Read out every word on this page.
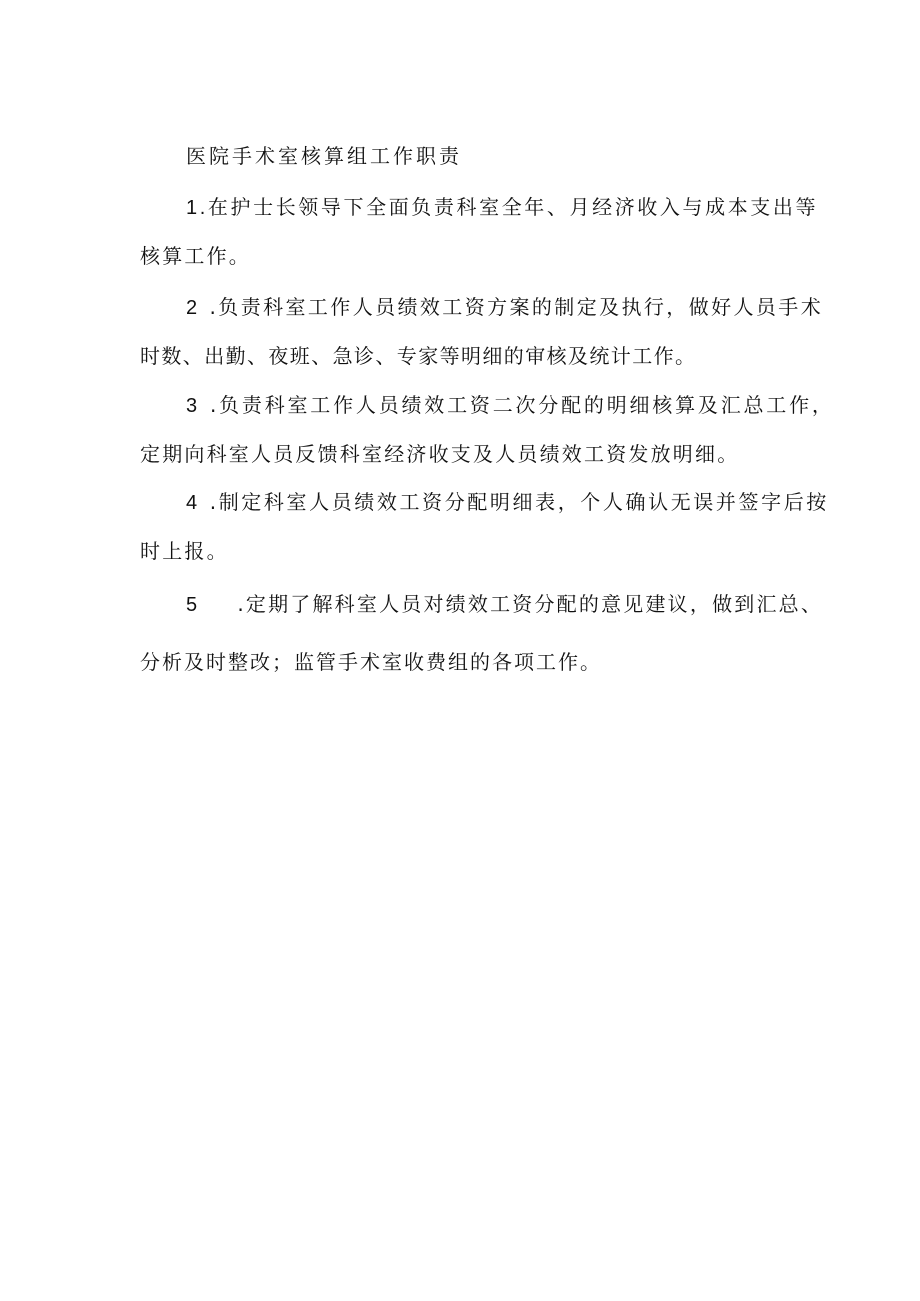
医院手术室核算组工作职责
1.在护士长领导下全面负责科室全年、月经济收入与成本支出等
核算工作。
2 .负责科室工作人员绩效工资方案的制定及执行，做好人员手术
时数、出勤、夜班、急诊、专家等明细的审核及统计工作。
3 .负责科室工作人员绩效工资二次分配的明细核算及汇总工作，
定期向科室人员反馈科室经济收支及人员绩效工资发放明细。
4 .制定科室人员绩效工资分配明细表，个人确认无误并签字后按
时上报。
5 .定期了解科室人员对绩效工资分配的意见建议，做到汇总、
分析及时整改；监管手术室收费组的各项工作。
